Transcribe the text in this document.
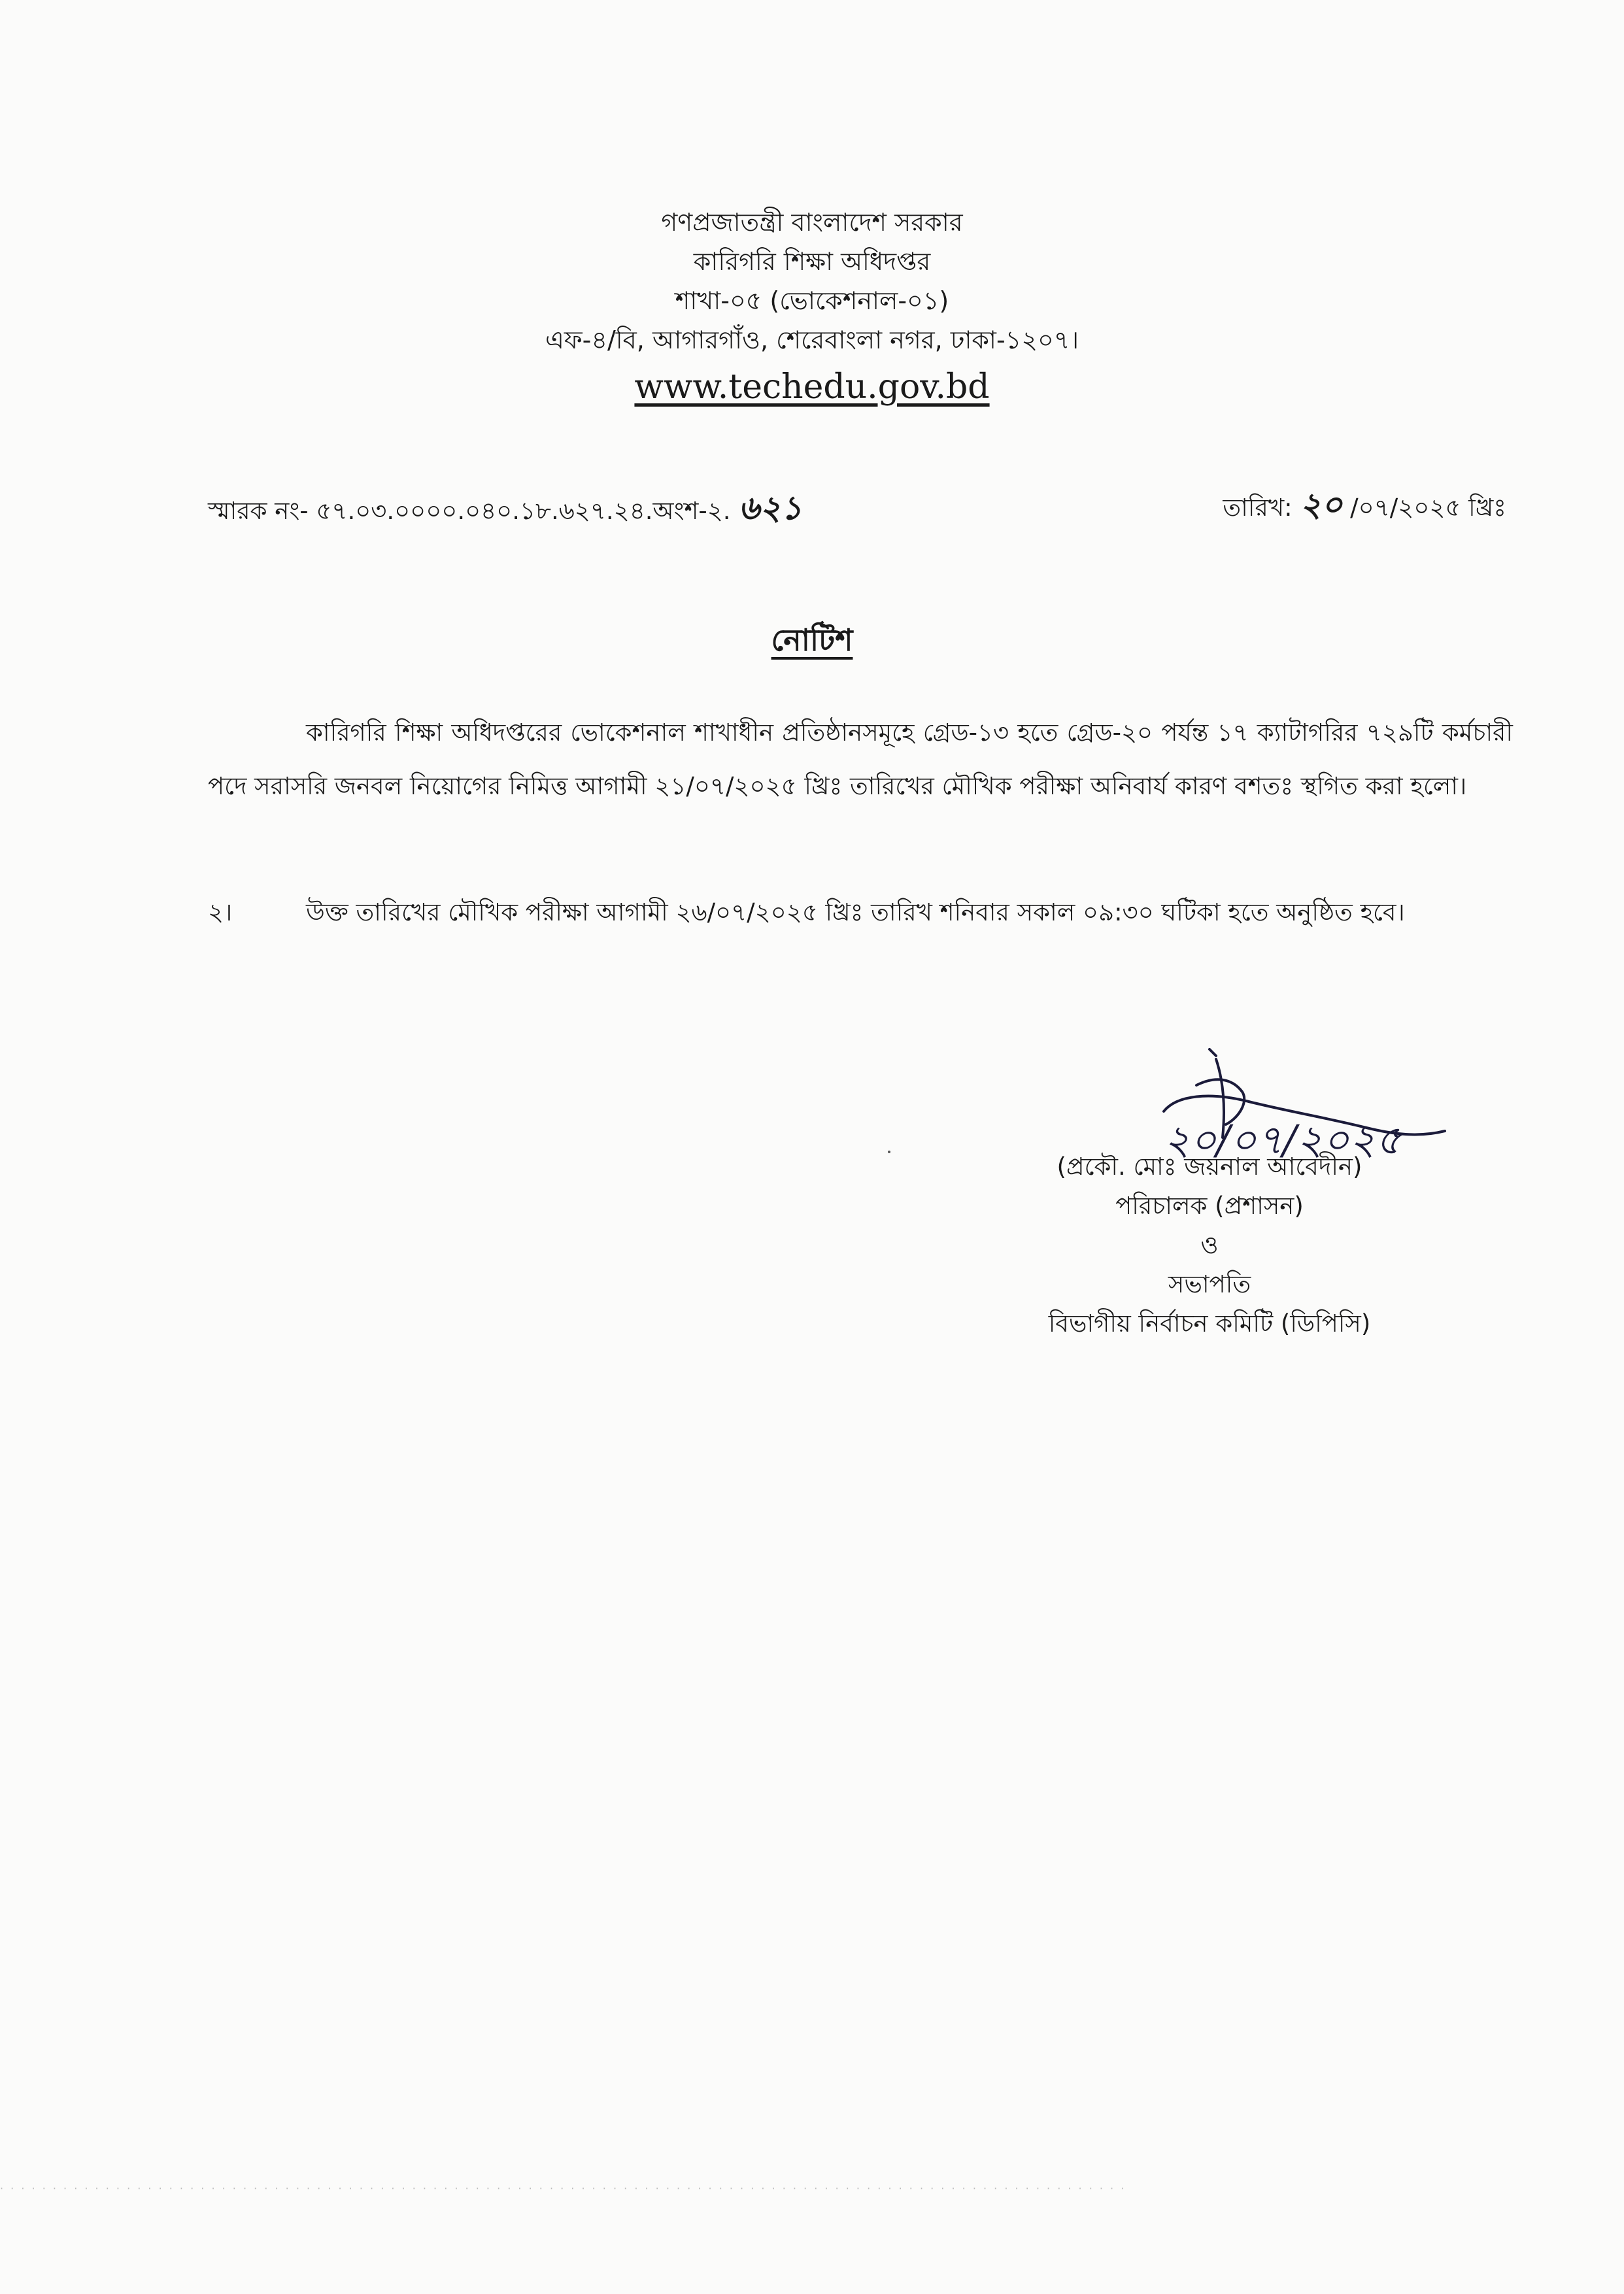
গণপ্রজাতন্ত্রী বাংলাদেশ সরকার
কারিগরি শিক্ষা অধিদপ্তর
শাখা-০৫ (ভোকেশনাল-০১)
এফ-৪/বি, আগারগাঁও, শেরেবাংলা নগর, ঢাকা-১২০৭।
www.techedu.gov.bd
স্মারক নং- ৫৭.০৩.০০০০.০৪০.১৮.৬২৭.২৪.অংশ-২. ৬২১	তারিখ: ২০ /০৭/২০২৫ খ্রিঃ
নোটিশ
কারিগরি শিক্ষা অধিদপ্তরের ভোকেশনাল শাখাধীন প্রতিষ্ঠানসমূহে গ্রেড-১৩ হতে গ্রেড-২০ পর্যন্ত ১৭ ক্যাটাগরির ৭২৯টি কর্মচারী পদে সরাসরি জনবল নিয়োগের নিমিত্ত আগামী ২১/০৭/২০২৫ খ্রিঃ তারিখের মৌখিক পরীক্ষা অনিবার্য কারণ বশতঃ স্থগিত করা হলো।
২।	উক্ত তারিখের মৌখিক পরীক্ষা আগামী ২৬/০৭/২০২৫ খ্রিঃ তারিখ শনিবার সকাল ০৯:৩০ ঘটিকা হতে অনুষ্ঠিত হবে।
২০/০৭/২০২৫
(প্রকৌ. মোঃ জয়নাল আবেদীন)
পরিচালক (প্রশাসন)
ও
সভাপতি
বিভাগীয় নির্বাচন কমিটি (ডিপিসি)
· · · · · · · · · · · · · · · · · · · · · · · · · · · · · · · · · · · · · · · · · · · · · · · · · · · · · · · · · · · · · · · · · · · · · · · · · · · · · · · · · · · · · · · · · · · · · · · · · · · · · · · · · · ·
